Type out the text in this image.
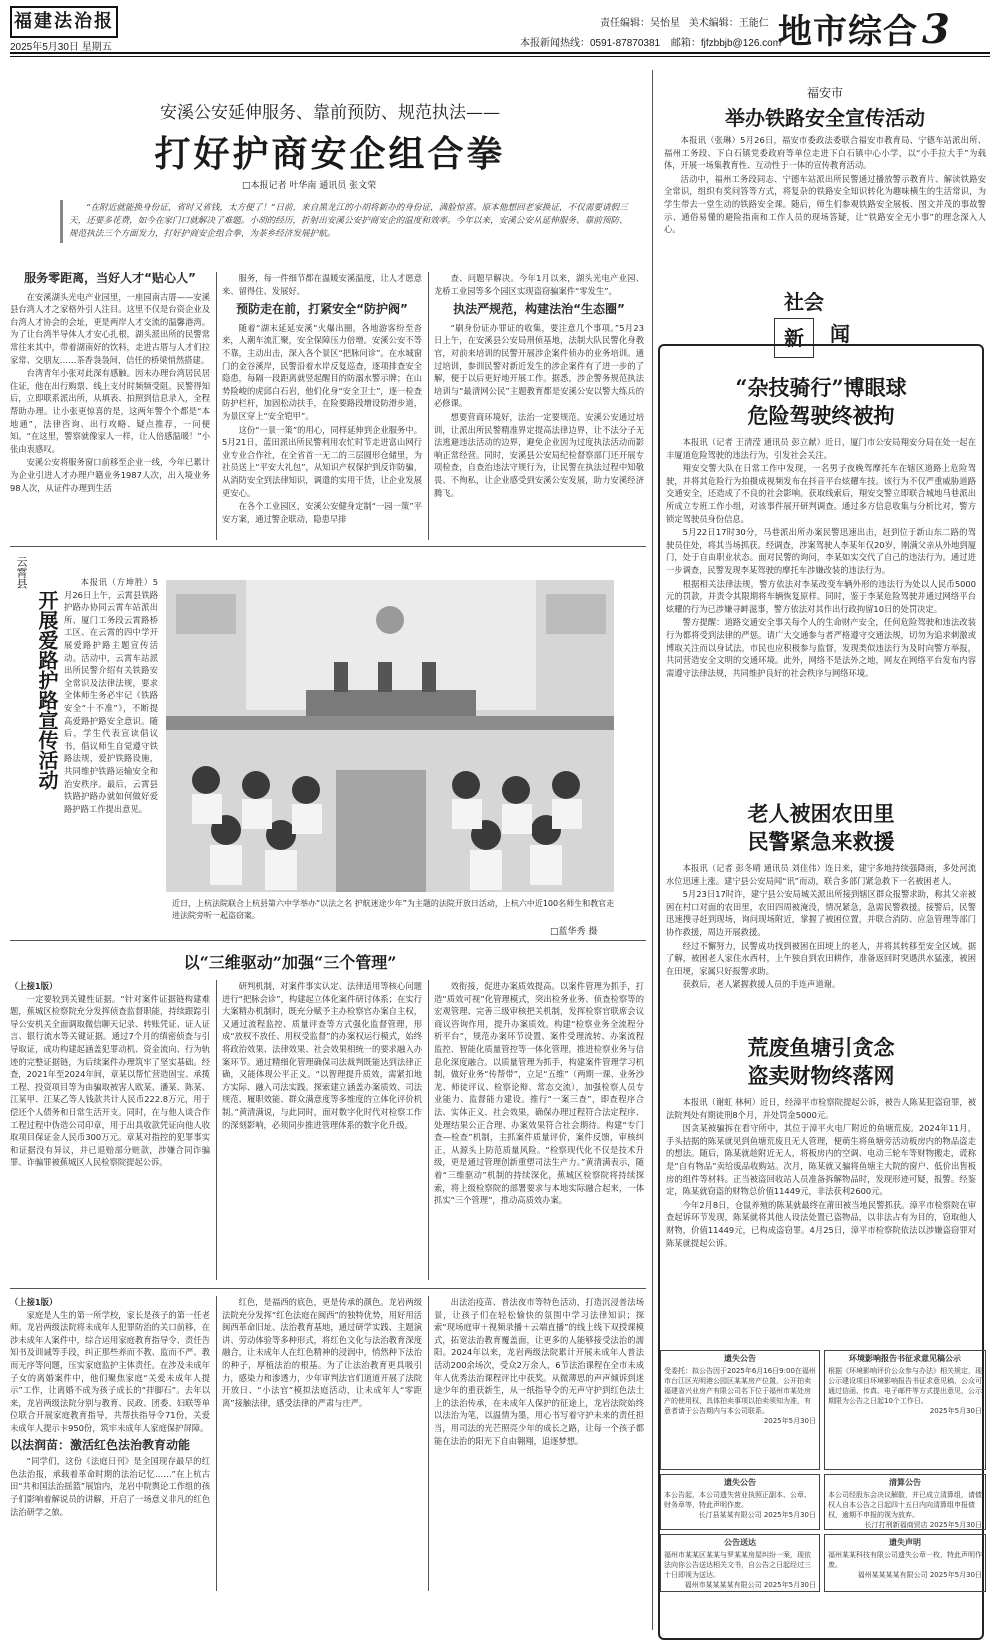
福建法治报
2025年5月30日 星期五
责任编辑：吴怡星 美术编辑：王能仁
本报新闻热线：0591-87870381 邮箱：fjfzbbjb@126.com
地市综合 3
安溪公安延伸服务、靠前预防、规范执法——
打好护商安企组合拳
□本报记者 叶华南 通讯员 张文荣
“在附近就能换身份证，省时又省钱，太方便了！”日前，来自黑龙江的小胡将新办的身份证，满脸惊喜。原本他想回老家换证，不仅需要请假三天，还要多花费，如今在家门口就解决了难题。小胡的经历，折射出安溪公安护商安企的温度和效率。今年以来，安溪公安从延伸服务、靠前预防、规范执法三个方面发力，打好护商安企组合拳，为茶乡经济发展护航。
服务零距离，当好人才“贴心人”

在安溪湖头光电产业园里，一座园南古厝——安溪县台湾人才之家格外引人注目。这里不仅是台资企业及台湾人才协会的会址，更是两岸人才交流的温馨港湾。为了让台湾半导体人才安心扎根，湖头派出所的民警常常往来其中，带着湖南好的饮料，走进古厝与人才们拉家常、交朋友……茶香袅袅间，信任的桥梁悄然搭建。

台湾青年小张对此深有感触。因未办理台湾居民居住证，他在出行购票、线上支付时频频受阻。民警得知后，立即联系派出所，从填表、拍照到信息录入，全程帮助办理。让小张更惊喜的是，这两年警个个都是“本地通”，法律咨询、出行攻略、疑点推荐，一问便知。“在这里，警察就像家人一样，让人倍感温暖！”小张由衷感叹。

安溪公安将服务窗口前移至企业一线，今年已累计为企业引进人才办理户籍业务1987人次，出入境业务98人次，从证件办理到生活

服务，每一件细节都在温暖安溪温度，让人才愿意来、留得住、发展好。

预防走在前，打紧安全“防护阀”

随着“湖末延延安溪”火爆出圈，各地游客纷至沓来，人潮车流汇聚，安全保障压力倍增。安溪公安不等不靠，主动出击，深入各个景区“把脉问诊”。在水城窗门的金谷溪岸，民警沿着水岸反复巡查，逐项排查安全隐患，每隔一段距离就竖起醒目的防溺水警示牌；在山势险峻的虎邱白石岩，他们化身“安全卫士”，逐一检查防护栏杆，加固松动扶手，在险要路段增设防滑步道，为景区穿上“安全铠甲”。

这份“一景一策”的用心，同样延伸到企业服务中。5月21日，蓝田派出所民警利用农忙时节走进富山网行业专业合作社，在全省首一无二的三层圆形仓储里，为社员送上“平安大礼包”，从知识产权保护到反诈防骗，从消防安全到法律知识，调遣的实用干货，让企业发展更安心。

在各个工业园区，安溪公安健身定制“一园一策”平安方案，通过警企联动，隐患早排

查、问题早解决。今年1月以来，湖头光电产业园、龙桥工业园等多个园区实现盗窃骗案件“零发生”。

执法严规范，构建法治“生态圈”

“刷身份证办罪证的收集，要注意几个事项。”5月23日上午，在安溪县公安局刑侦基地，法制大队民警化身教官，对前来培训的民警开展涉企案件侦办的业务培训。通过培训，参训民警对新近发生的涉企案件有了进一步的了解，便于以后更好地开展工作。据悉，涉企警务规范执法培训与“最清网公民”主题教育都是安溪公安以警大练兵的必修课。

想要营商环境好，法治一定要规范。安溪公安通过培训，让派出所民警精准界定提高法律边界，让不法分子无法逃避违法活动的边界，避免企业因为过度执法活动而影响正常经营。同时，安溪县公安局纪检督察部门还开展专项检查，自查治违法守规行为，让民警在执法过程中知敬畏、不徇私，让企业感受到安溪公安发展，助力安溪经济腾飞。

福安市
举办铁路安全宣传活动

本报讯（张琳）5月26日，福安市委政法委联合福安市教育局、宁德车站派出所、福州工务段、下白石镇党委政府等单位走进下白石镇中心小学，以“小手拉大手”为载体，开展一场集教育性、互动性于一体的宣传教育活动。

活动中，福州工务段同志、宁德车站派出所民警通过播放警示教育片、解读铁路安全常识，组织有奖问答等方式，将复杂的铁路安全知识转化为趣味横生的生活常识，为学生带去一堂生动的铁路安全课。随后，师生们参观铁路安全展板、图文并茂的事故警示、通俗易懂的避险指南和工作人员的现场答疑，让“铁路安全无小事”的理念深入人心。

云霄县
开展爱路护路宣传活动

本报讯（方坤胜）5月26日上午，云霄县铁路护路办协同云霄车站派出所、厦门工务段云霄路桥工区、在云霄的四中学开展爱路护路主题宣传活动。活动中，云霄车站派出所民警介绍有关铁路安全常识及法律法规，要求全体师生务必牢记《铁路安全“十不准”》，不断提高爱路护路安全意识。随后，学生代表宣读倡议书，倡议师生自觉遵守铁路法规，爱护铁路设施，共同维护铁路运输安全和治安秩序。最后，云霄县铁路护路办就如何做好爱路护路工作提出意见。

近日，上杭法院联合上杭县第六中学举办“以法之名 护航迷途少年”为主题的法院开放日活动，上杭六中近100名师生和教官走进法院旁听一起盗窃案。
□蓝华秀 摄
社会
新	闻
“杂技骑行”博眼球
危险驾驶终被拘

本报讯（记者 王清滢 通讯员 彭立献）近日，厦门市公安局翔安分局在处一起在丰厦道危险驾驶的违法行为，引发社会关注。

翔安交警大队在日常工作中发现，一名男子夜晚驾摩托车在辖区道路上危险驾驶，并将其危险行为拍摄成视频发布在抖音平台炫耀车技。该行为不仅严重威胁道路交通安全，还造成了不良的社会影响。获取线索后，翔安交警立即联合城地马巷派出所成立专班工作小组，对该事件展开研判调查。通过多方信息收集与分析比对，警方锁定驾驶员身份信息。

5月22日17时30分，马巷派出所办案民警迅速出击，赶到位于新山东二路的驾驶员住处，将其当场抓获。经调查，涉案驾驶人李某年仅20岁，刚满父亲从外地到厦门，处于自由职业状态。面对民警的询问，李某如实交代了自己的违法行为。通过进一步调查，民警发现李某驾驶的摩托车涉嫌改装的违法行为。

根据相关法律法规，警方依法对李某改变车辆外形的违法行为处以人民币5000元的罚款，并责令其限期将车辆恢复原样。同时，鉴于李某危险驾驶并通过网络平台炫耀的行为已涉嫌寻衅滋事，警方依法对其作出行政拘留10日的处罚决定。

警方提醒：道路交通安全事关每个人的生命财产安全，任何危险驾驶和违法改装行为都将受到法律的严惩。请广大交通参与者严格遵守交通法规，切勿为追求刺激或博取关注而以身试法。市民也应积极参与监督，发现类似违法行为及时向警方举报，共同营造安全文明的交通环境。此外，网络不是法外之地，网友在网络平台发布内容需遵守法律法规，共同维护良好的社会秩序与网络环境。

老人被困农田里
民警紧急来救援

本报讯（记者 彭冬晴 通讯员 刘佳伟）连日来，建宁多地持续强降雨，多处河流水位迅速上涨。建宁县公安局闻“讯”而动，联合多部门紧急救下一名被困老人。

5月23日17时许，建宁县公安局城关派出所接到辖区群众报警求助，称其父亲被困在村口对面的农田里，农田四周被淹没，情况紧急，急需民警救援。接警后，民警迅速搜寻赶到现场，询问现场附近，掌握了被困位置，并联合消防、应急管理等部门协作救援，周边开展救援。

经过不懈努力，民警成功找到被困在田埂上的老人，并将其转移至安全区域。据了解，被困老人家住水西村，上午独自到农田耕作，准备返回时突遇洪水猛涨，被困在田埂，家属只好报警求助。

获救后，老人紧握救援人员的手连声道谢。

荒废鱼塘引贪念
盗卖财物终落网

本报讯（谢虹 林柯）近日，经漳平市检察院提起公诉，被告人陈某犯盗窃罪，被法院判处有期徒刑8个月，并处罚金5000元。

因贪某被骗拆在看守所中，其位于漳平火电厂附近的鱼塘荒废。2024年11月，手头拮据的陈某就见到鱼塘荒废且无人管理，便萌生将鱼塘旁活动板房内的物品盗走的想法。随后，陈某就趁附近无人，将板房内的空调、电动三轮车等财物搬走，谎称是“自有物品”卖给废品收购站。次月，陈某就又骗将鱼塘主大院的窗户、低价出售板房的组件等材料。正当被盗回收站人员准备拆解物品时，发现形迹可疑，报警。经鉴定，陈某就窃盗的财物总价值11449元，非法获利2600元。

今年2月8日，仓鼠养殖的陈某就最终在莆田被当地民警抓获。漳平市检察院在审查起诉环节发现，陈某就将其他人设法处置已盗物品，以非法占有为目的，窃取他人财物，价值11449元，已构成盗窃罪。4月25日，漳平市检察院依法以涉嫌盗窃罪对陈某就提起公诉。

以“三维驱动”加强“三个管理”
（上接1版）

一定要较到关键性证据。“针对案件证据链构建难题，蕉城区检察院充分发挥侦查监督职能，持续跟踪引导公安机关全面调取微信聊天记录、转账凭证、证人证言、银行流水等关键证据。通过7个月的缜密侦查与引导取证，成功构建起涵盖犯罪动机、资金流向、行为轨迹的完整证据链，为后续案件办理筑牢了坚实基础。经查，2021年至2024年间，章某以帮忙营造固宝、承揽工程、投资项目等为由骗取被害人欧某、潘某、陈某、江某甲、江某乙等人钱款共计人民币222.8万元，用于偿还个人债务和日常生活开支。同时，在与他人谈合作工程过程中伪造公司印章，用于出具收款凭证向他人收取项目保证金人民币300万元。章某对指控的犯罪事实和证据没有异议，并已退赔部分赃款，涉嫌合同诈骗罪、诈骗罪被蕉城区人民检察院提起公诉。

研判机制，对案件事实认定、法律适用等核心问题进行“把脉会诊”，构建起立体化案件研讨体系；在实行大案精办机制时，既充分赋予主办检察官办案自主权，又通过流程监控、质量评查等方式强化监督管理，形成“放权不放任、用权受监督”的办案权运行模式，始终将政治效果、法律效果、社会效果相统一的要求融入办案环节。通过精细化管理确保司法裁判既能达到法律正确，又能体现公平正义。“以智理提升质效，需紧扣地方实际、融入司法实践。探索建立涵盖办案质效、司法规范、履职效能、群众满意度等多维度的立体化评价机制。”黄清满说，与此同时，面对数字化时代对检察工作的深刻影响，必须同步推进管理体系的数字化升级。

效衔接，促进办案质效提高。以案件管理为抓手，打造“质效可视”化管理模式，突出检务业务、侦查检察等的宏观管理、完善三级审核把关机制，发挥检察官联席会议商议咨询作用，提升办案质效。构建“检察业务全流程分析平台”，规范办案环节设置、案件受理流转、办案流程监控、智能化质量管控等一体化管理，推进检察业务与信息化深度融合。以质量管理为抓手，构建案件管理学习机制，做好业务“传帮带”，立足“五维”（两期一课、业务沙龙、师徒评议、检察论辩、常态交流），加强检察人员专业能力、监督能力建设。推行“一案三查”，即查程序合法、实体正义、社会效果，确保办理过程符合法定程序、处理结果公正合理、办案效果符合社会期待。构建“专门查—检查”机制，主抓案件质量评价，案件反馈，审核纠正，从源头上防范质量风险。“检察现代化不仅是技术升级，更是通过管理创新重塑司法生产力。”黄清满表示，随着“三维驱动”机制的持续深化，蕉城区检察院将持续探索，将上级检察院的部署要求与本地实际融合起来，一体抓实“三个管理”，推动高质效办案。

（上接1版）

家庭是人生的第一所学校，家长是孩子的第一任老师。龙岩两级法院将未成年人犯罪防治的关口前移，在涉未成年人案件中，综合运用家庭教育指导令、责任告知书及训诫等手段，纠正那些养而不教、监而不严、教而无序等问题，压实家庭监护主体责任。在涉及未成年子女的离婚案件中，他们聚焦家庭“关爱未成年人提示”工作，让离婚不成为孩子成长的“拌脚石”。去年以来，龙岩两级法院分别与教育、民政、团委、妇联等单位联合开展家庭教育指导，共帮扶指导令71份，关爱未成年人提示卡950份，筑牢未成年人家庭保护屏障。

以法润苗：激活红色法治教育动能

“同学们，这份《法庭日刊》是全国现存最早的红色法治报，承载着革命时期的法治记忆……”在上杭古田“共和国法治摇篮”展馆内，龙岩中院舆论工作组的孩子们影响着解说员的讲解，开启了一场意义非凡的红色法治研学之旅。

红色，是福西的底色，更是传承的颜色。龙岩两级法院充分发挥“红色法庭在闽西”的独特优势，用好用活闽西革命旧址、法治教育基地，通过研学实践、主题演讲、劳动体验等多种形式，将红色文化与法治教育深度融合，让未成年人在红色精神的浸润中，悄然种下法治的种子，厚植法治的根基。为了让法治教育更具吸引力，感染力和渗透力，少年审判法官们道道开展了法院开放日、“小法官”模拟法庭活动，让未成年人“零距离”接触法律，感受法律的严肃与庄严。

出法治疫苗、普法夜市等特色活动，打造沉浸普法场景，让孩子们在轻松愉快的氛围中学习法律知识；探索“现场庭审＋视频录播＋云端直播”的线上线下双授课模式，拓宽法治教育覆盖面，让更多的人能够接受法治的濡阳。2024年以来，龙岩两级法院累计开展未成年人普法活动200余场次，受众2万余人，6节法治课程在全市未成年人优秀法治课程评比中获奖。从微薄思的声声倾诉到迷途少年的重获新生，从一纸指导令的无声守护到红色法土上的法治传承，在未成年人保护的征途上，龙岩法院始终以法治为笔，以温情为墨，用心书写着守护未来的责任担当，用司法的光芒照亮少年的成长之路，让每一个孩子都能在法治的阳光下自由翱翔，追逐梦想。

遗失公告
受委托：拟公告因于2025年6月16日9:00在福州市台江区光明港公园区某某房产位置，公开拍卖福建省兴业房产有限公司名下位于福州市某处房产的使用权，具体拍卖事项以拍卖须知为准，有意者请于公告期内与本公司联系。
2025年5月30日
环境影响报告书征求意见稿公示
根据《环境影响评价公众参与办法》相关规定，现公示建设项目环境影响报告书征求意见稿，公众可通过信函、传真、电子邮件等方式提出意见，公示期限为公告之日起10个工作日。
2025年5月30日
遗失公告
本公告起，本公司遗失营业执照正副本、公章、财务章等，特此声明作废。
长汀县某某有限公司 2025年5月30日
清算公告
本公司经股东会决议解散，并已成立清算组，请债权人自本公告之日起四十五日内向清算组申报债权，逾期不申报的视为放弃。
长汀打刑新福商贸店 2025年5月30日
公告送达
福州市某某区某某与罗某某房屋纠纷一案，现依法向你公告送达相关文书，自公告之日起经过三十日即视为送达。
福州市某某某某有限公司 2025年5月30日
遗失声明
福州某某科技有限公司遗失公章一枚，特此声明作废。
福州某某某某有限公司 2025年5月30日
